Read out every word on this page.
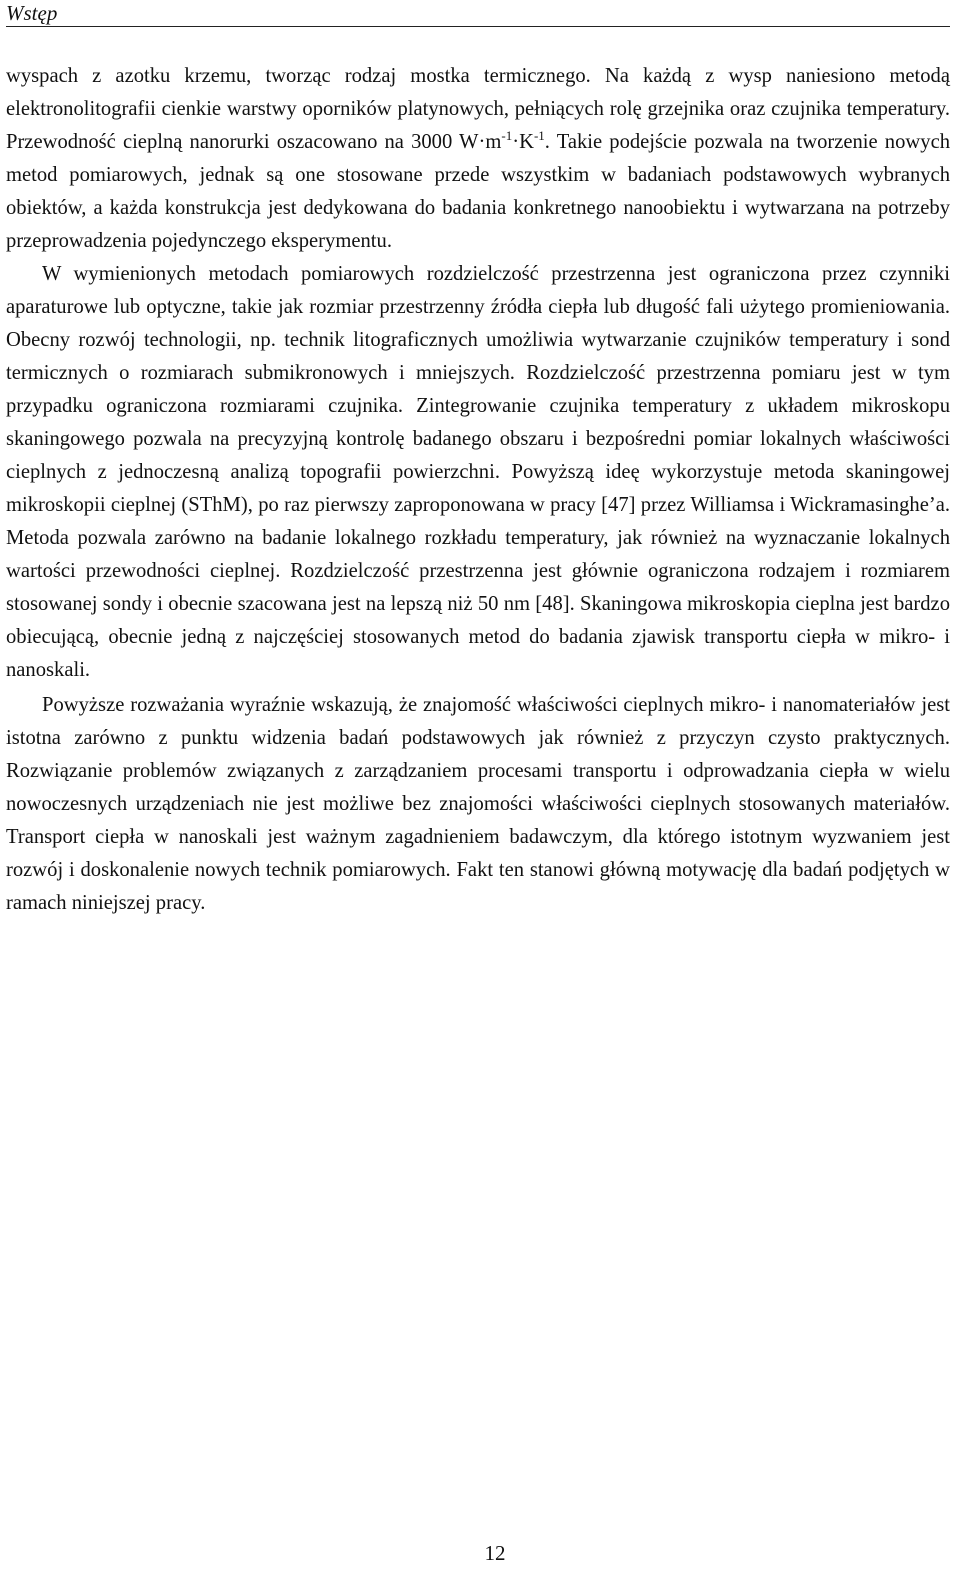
Wstęp

wyspach z azotku krzemu, tworząc rodzaj mostka termicznego. Na każdą z wysp naniesiono metodą elektronolitografii cienkie warstwy oporników platynowych, pełniących rolę grzejnika oraz czujnika temperatury. Przewodność cieplną nanorurki oszacowano na 3000 $W\cdot m^{-1}\cdot K^{-1}$. Takie podejście pozwala na tworzenie nowych metod pomiarowych, jednak są one stosowane przede wszystkim w badaniach podstawowych wybranych obiektów, a każda konstrukcja jest dedykowana do badania konkretnego nanoobiektu i wytwarzana na potrzeby przeprowadzenia pojedynczego eksperymentu.

W wymienionych metodach pomiarowych rozdzielczość przestrzenna jest ograniczona przez czynniki aparaturowe lub optyczne, takie jak rozmiar przestrzenny źródła ciepła lub długość fali użytego promieniowania. Obecny rozwój technologii, np. technik litograficznych umożliwia wytwarzanie czujników temperatury i sond termicznych o rozmiarach submikronowych i mniejszych. Rozdzielczość przestrzenna pomiaru jest w tym przypadku ograniczona rozmiarami czujnika. Zintegrowanie czujnika temperatury z układem mikroskopu skaningowego pozwala na precyzyjną kontrolę badanego obszaru i bezpośredni pomiar lokalnych właściwości cieplnych z jednoczesną analizą topografii powierzchni. Powyższą ideę wykorzystuje metoda skaningowej mikroskopii cieplnej (SThM), po raz pierwszy zaproponowana w pracy [47] przez Williamsa i Wickramasinghe’a. Metoda pozwala zarówno na badanie lokalnego rozkładu temperatury, jak również na wyznaczanie lokalnych wartości przewodności cieplnej. Rozdzielczość przestrzenna jest głównie ograniczona rodzajem i rozmiarem stosowanej sondy i obecnie szacowana jest na lepszą niż 50 nm [48]. Skaningowa mikroskopia cieplna jest bardzo obiecującą, obecnie jedną z najczęściej stosowanych metod do badania zjawisk transportu ciepła w mikro- i nanoskali.

Powyższe rozważania wyraźnie wskazują, że znajomość właściwości cieplnych mikro- i nanomateriałów jest istotna zarówno z punktu widzenia badań podstawowych jak również z przyczyn czysto praktycznych. Rozwiązanie problemów związanych z zarządzaniem procesami transportu i odprowadzania ciepła w wielu nowoczesnych urządzeniach nie jest możliwe bez znajomości właściwości cieplnych stosowanych materiałów. Transport ciepła w nanoskali jest ważnym zagadnieniem badawczym, dla którego istotnym wyzwaniem jest rozwój i doskonalenie nowych technik pomiarowych. Fakt ten stanowi główną motywację dla badań podjętych w ramach niniejszej pracy.

12
